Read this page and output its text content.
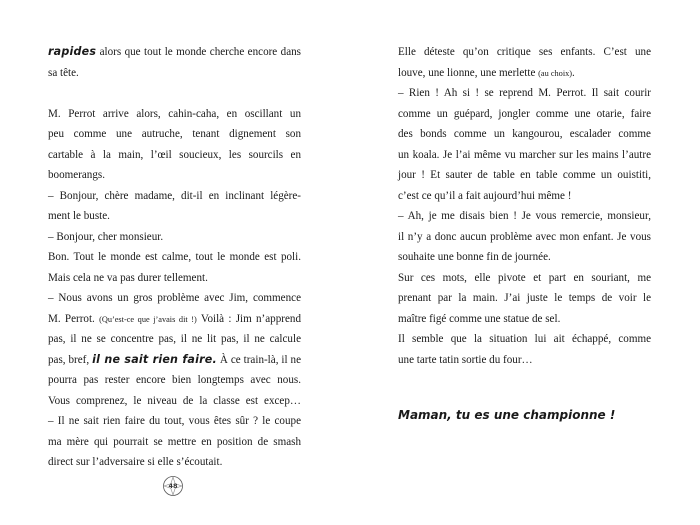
rapides alors que tout le monde cherche encore dans
sa tête.
M. Perrot arrive alors, cahin-caha, en oscillant un
peu comme une autruche, tenant dignement son
cartable à la main, l’œil soucieux, les sourcils en
boomerangs.
– Bonjour, chère madame, dit-il en inclinant légère-
ment le buste.
– Bonjour, cher monsieur.
Bon. Tout le monde est calme, tout le monde est poli.
Mais cela ne va pas durer tellement.
– Nous avons un gros problème avec Jim, commence
M. Perrot. (Qu’est-ce que j’avais dit !) Voilà : Jim n’apprend
pas, il ne se concentre pas, il ne lit pas, il ne calcule
pas, bref, il ne sait rien faire. À ce train-là, il ne
pourra pas rester encore bien longtemps avec nous.
Vous comprenez, le niveau de la classe est excep…
– Il ne sait rien faire du tout, vous êtes sûr ? le coupe
ma mère qui pourrait se mettre en position de smash
direct sur l’adversaire si elle s’écoutait.
48
Elle déteste qu’on critique ses enfants. C’est une
louve, une lionne, une merlette (au choix).
– Rien ! Ah si ! se reprend M. Perrot. Il sait courir
comme un guépard, jongler comme une otarie, faire
des bonds comme un kangourou, escalader comme
un koala. Je l’ai même vu marcher sur les mains l’autre
jour ! Et sauter de table en table comme un ouistiti,
c’est ce qu’il a fait aujourd’hui même !
– Ah, je me disais bien ! Je vous remercie, monsieur,
il n’y a donc aucun problème avec mon enfant. Je vous
souhaite une bonne fin de journée.
Sur ces mots, elle pivote et part en souriant, me
prenant par la main. J’ai juste le temps de voir le
maître figé comme une statue de sel.
Il semble que la situation lui ait échappé, comme
une tarte tatin sortie du four…
Maman, tu es une championne !
